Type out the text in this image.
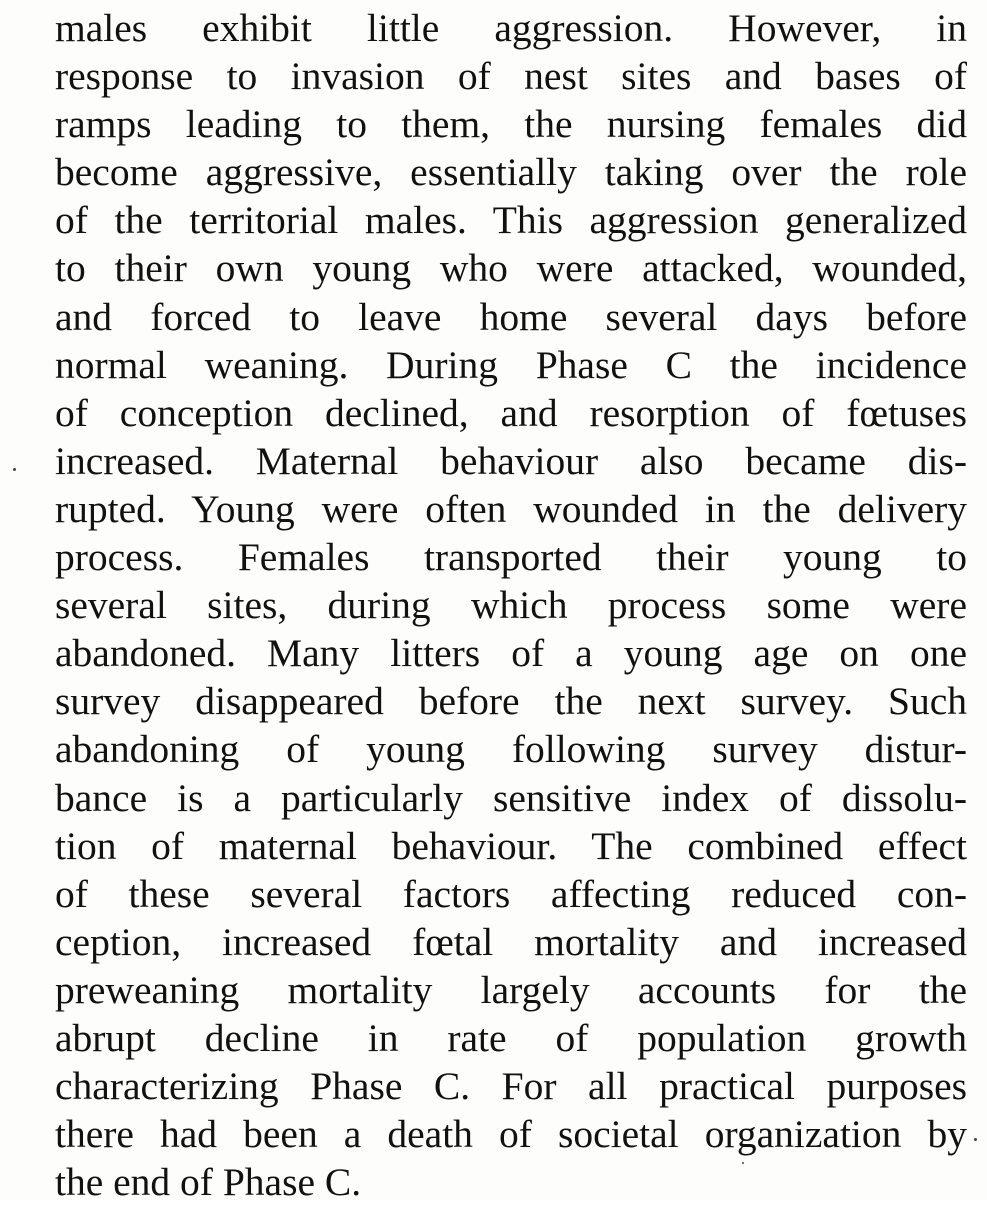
males exhibit little aggression. However, in
response to invasion of nest sites and bases of
ramps leading to them, the nursing females did
become aggressive, essentially taking over the role
of the territorial males. This aggression generalized
to their own young who were attacked, wounded,
and forced to leave home several days before
normal weaning. During Phase C the incidence
of conception declined, and resorption of fœtuses
increased. Maternal behaviour also became dis-
rupted. Young were often wounded in the delivery
process. Females transported their young to
several sites, during which process some were
abandoned. Many litters of a young age on one
survey disappeared before the next survey. Such
abandoning of young following survey distur-
bance is a particularly sensitive index of dissolu-
tion of maternal behaviour. The combined effect
of these several factors affecting reduced con-
ception, increased fœtal mortality and increased
preweaning mortality largely accounts for the
abrupt decline in rate of population growth
characterizing Phase C. For all practical purposes
there had been a death of societal organization by
the end of Phase C.
